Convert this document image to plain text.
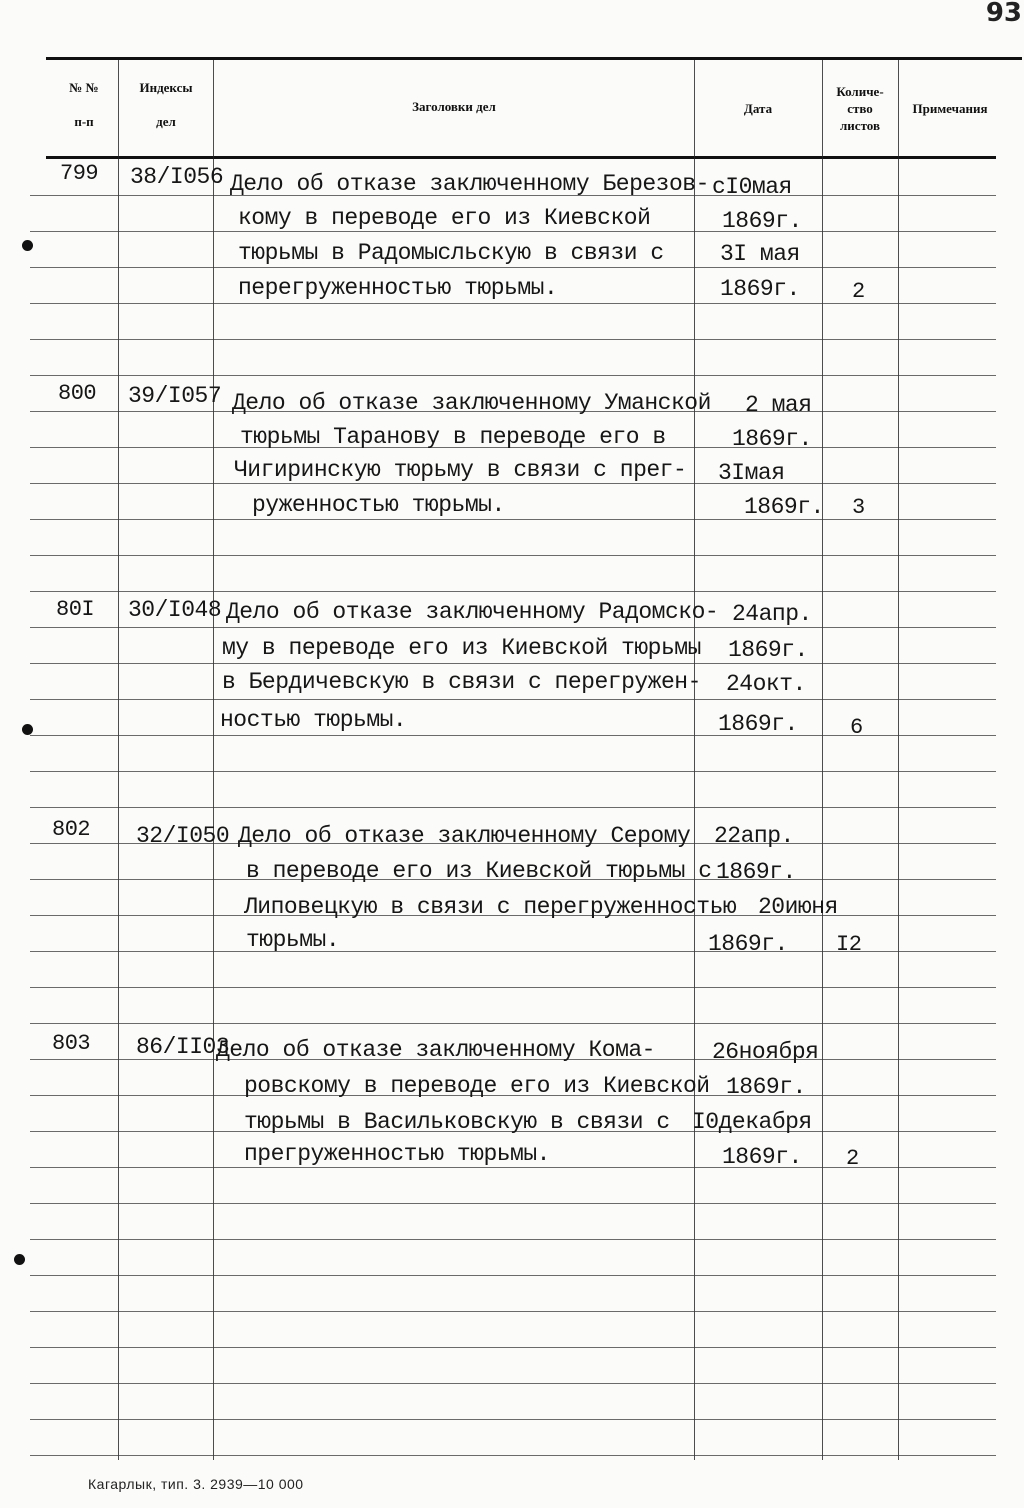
93
№ №
п-п
Индексы
дел
Заголовки дел	Дата
Количе-
ство
листов
Примечания
799 38/I056 Дело об отказе заключенному Березов-
кому в переводе его из Киевской
тюрьмы в Радомысльскую в связи с
перегруженностью тюрьмы.
сI0мая
1869г.
3I мая
1869г. 2
800 39/I057 Дело об отказе заключенному Уманской
тюрьмы Таранову в переводе его в
Чигиринскую тюрьму в связи с прег-
руженностью тюрьмы.
2 мая
1869г.
3Iмая
1869г. 3
80I 30/I048 Дело об отказе заключенному Радомско-
му в переводе его из Киевской тюрьмы
в Бердичевскую в связи с перегружен-
ностью тюрьмы.
24апр.
1869г.
24окт.
1869г. 6
802 32/I050 Дело об отказе заключенному Серому
в переводе его из Киевской тюрьмы с
Липовецкую в связи с перегруженностью
тюрьмы.
22апр.
1869г.
20июня
1869г. I2
803 86/II03
Дело об отказе заключенному Кома-
ровскому в переводе его из Киевской
тюрьмы в Васильковскую в связи с
прегруженностью тюрьмы.
26ноября
1869г.
I0декабря
1869г. 2
Кагарлык, тип. 3. 2939—10 000
